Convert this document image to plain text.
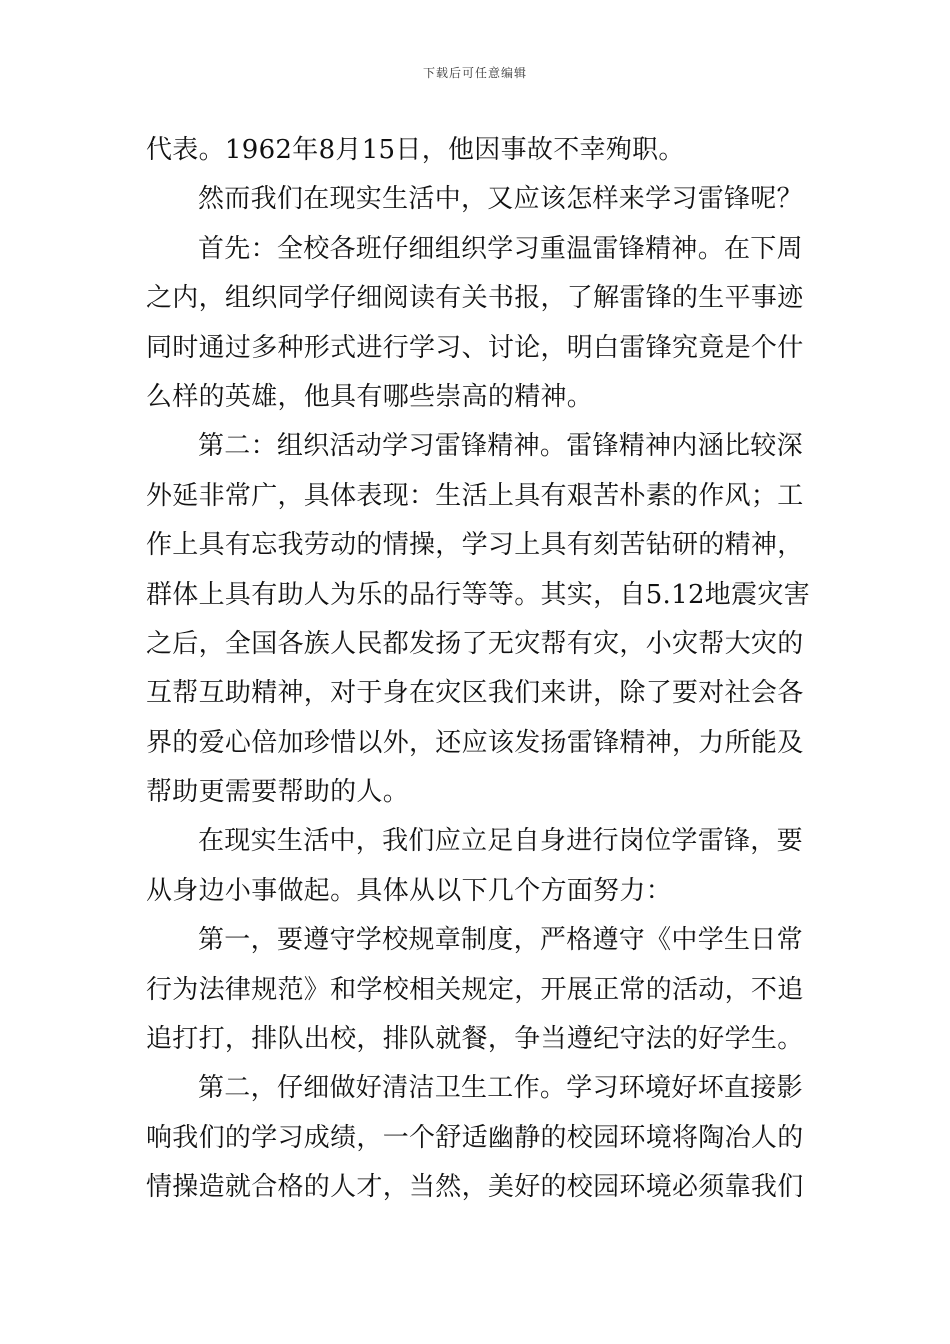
下载后可任意编辑
代表。1962年8月15日，他因事故不幸殉职。
然而我们在现实生活中，又应该怎样来学习雷锋呢？
首先：全校各班仔细组织学习重温雷锋精神。在下周
之内，组织同学仔细阅读有关书报，了解雷锋的生平事迹
同时通过多种形式进行学习、讨论，明白雷锋究竟是个什
么样的英雄，他具有哪些崇高的精神。
第二：组织活动学习雷锋精神。雷锋精神内涵比较深
外延非常广，具体表现：生活上具有艰苦朴素的作风；工
作上具有忘我劳动的情操，学习上具有刻苦钻研的精神，
群体上具有助人为乐的品行等等。其实，自5.12地震灾害
之后，全国各族人民都发扬了无灾帮有灾，小灾帮大灾的
互帮互助精神，对于身在灾区我们来讲，除了要对社会各
界的爱心倍加珍惜以外，还应该发扬雷锋精神，力所能及
帮助更需要帮助的人。
在现实生活中，我们应立足自身进行岗位学雷锋，要
从身边小事做起。具体从以下几个方面努力：
第一，要遵守学校规章制度，严格遵守《中学生日常
行为法律规范》和学校相关规定，开展正常的活动，不追
追打打，排队出校，排队就餐，争当遵纪守法的好学生。
第二，仔细做好清洁卫生工作。学习环境好坏直接影
响我们的学习成绩，一个舒适幽静的校园环境将陶冶人的
情操造就合格的人才，当然，美好的校园环境必须靠我们
